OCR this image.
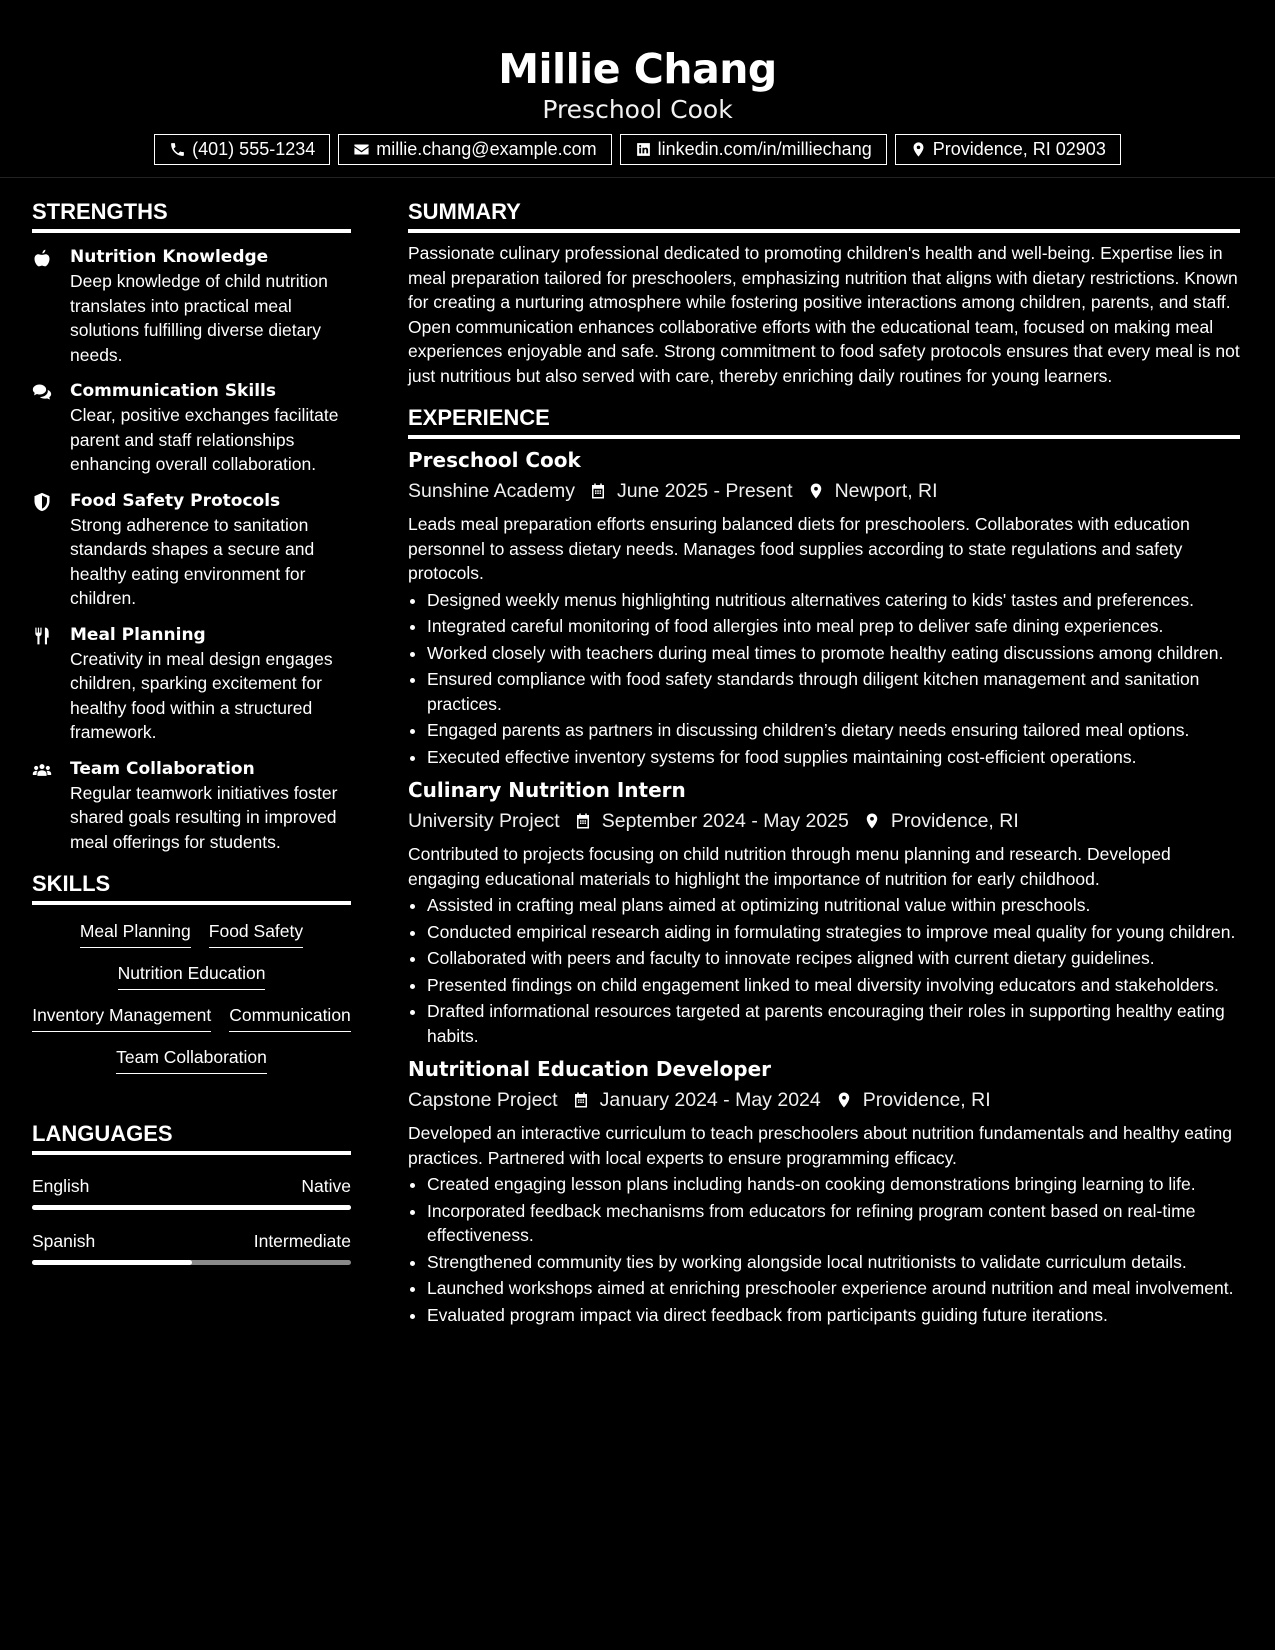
Millie Chang
Preschool Cook
(401) 555-1234	millie.chang@example.com	linkedin.com/in/milliechang	Providence, RI 02903
STRENGTHS
Nutrition Knowledge
Deep knowledge of child nutrition translates into practical meal solutions fulfilling diverse dietary needs.
Communication Skills
Clear, positive exchanges facilitate parent and staff relationships enhancing overall collaboration.
Food Safety Protocols
Strong adherence to sanitation standards shapes a secure and healthy eating environment for children.
Meal Planning
Creativity in meal design engages children, sparking excitement for healthy food within a structured framework.
Team Collaboration
Regular teamwork initiatives foster shared goals resulting in improved meal offerings for students.
SKILLS
Meal Planning Food Safety
Nutrition Education
Inventory Management Communication
Team Collaboration
LANGUAGES
English	Native
Spanish	Intermediate
SUMMARY

Passionate culinary professional dedicated to promoting children's health and well-being. Expertise lies in meal preparation tailored for preschoolers, emphasizing nutrition that aligns with dietary restrictions. Known for creating a nurturing atmosphere while fostering positive interactions among children, parents, and staff. Open communication enhances collaborative efforts with the educational team, focused on making meal experiences enjoyable and safe. Strong commitment to food safety protocols ensures that every meal is not just nutritious but also served with care, thereby enriching daily routines for young learners.

EXPERIENCE
Preschool Cook
Sunshine Academy June 2025 - Present Newport, RI

Leads meal preparation efforts ensuring balanced diets for preschoolers. Collaborates with education personnel to assess dietary needs. Manages food supplies according to state regulations and safety protocols.

• Designed weekly menus highlighting nutritious alternatives catering to kids' tastes and preferences.
• Integrated careful monitoring of food allergies into meal prep to deliver safe dining experiences.
• Worked closely with teachers during meal times to promote healthy eating discussions among children.
• Ensured compliance with food safety standards through diligent kitchen management and sanitation practices.
• Engaged parents as partners in discussing children’s dietary needs ensuring tailored meal options.
• Executed effective inventory systems for food supplies maintaining cost-efficient operations.
Culinary Nutrition Intern
University Project September 2024 - May 2025 Providence, RI

Contributed to projects focusing on child nutrition through menu planning and research. Developed engaging educational materials to highlight the importance of nutrition for early childhood.

• Assisted in crafting meal plans aimed at optimizing nutritional value within preschools.
• Conducted empirical research aiding in formulating strategies to improve meal quality for young children.
• Collaborated with peers and faculty to innovate recipes aligned with current dietary guidelines.
• Presented findings on child engagement linked to meal diversity involving educators and stakeholders.
• Drafted informational resources targeted at parents encouraging their roles in supporting healthy eating habits.
Nutritional Education Developer
Capstone Project January 2024 - May 2024 Providence, RI

Developed an interactive curriculum to teach preschoolers about nutrition fundamentals and healthy eating practices. Partnered with local experts to ensure programming efficacy.

• Created engaging lesson plans including hands-on cooking demonstrations bringing learning to life.
• Incorporated feedback mechanisms from educators for refining program content based on real-time effectiveness.
• Strengthened community ties by working alongside local nutritionists to validate curriculum details.
• Launched workshops aimed at enriching preschooler experience around nutrition and meal involvement.
• Evaluated program impact via direct feedback from participants guiding future iterations.
